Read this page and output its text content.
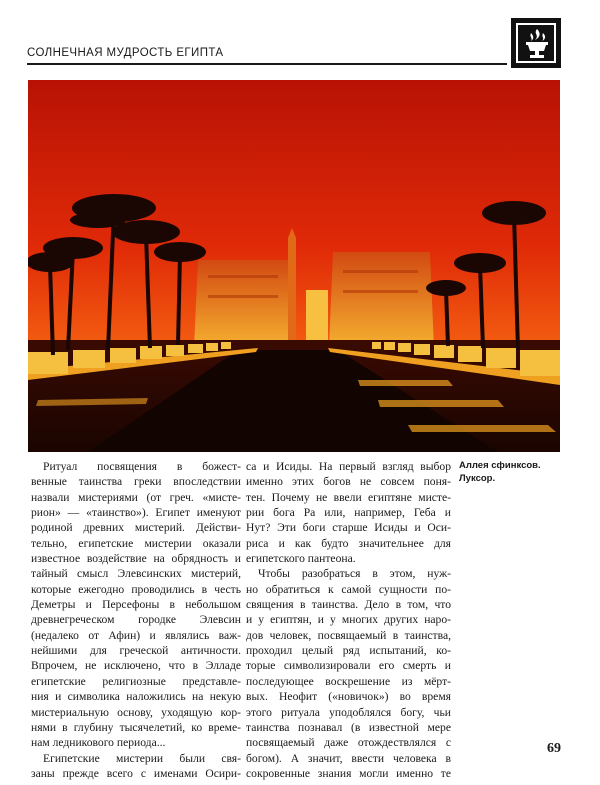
СОЛНЕЧНАЯ МУДРОСТЬ ЕГИПТА
Аллея сфинксов.
Луксор.
Ритуал посвящения в божест-
венные таинства греки впоследствии
назвали мистериями (от греч. «мисте-
рион» — «таинство»). Египет именуют
родиной древних мистерий. Действи-
тельно, египетские мистерии оказали
известное воздействие на обрядность и
тайный смысл Элевсинских мистерий,
которые ежегодно проводились в честь
Деметры и Персефоны в небольшом
древнегреческом городке Элевсин
(недалеко от Афин) и являлись важ-
нейшими для греческой античности.
Впрочем, не исключено, что в Элладе
египетские религиозные представле-
ния и символика наложились на некую
мистериальную основу, уходящую кор-
нями в глубину тысячелетий, ко време-
нам ледникового периода...
Египетские мистерии были свя-
заны прежде всего с именами Осири-
са и Исиды. На первый взгляд выбор
именно этих богов не совсем поня-
тен. Почему не ввели египтяне мисте-
рии бога Ра или, например, Геба и
Нут? Эти боги старше Исиды и Оси-
риса и как будто значительнее для
египетского пантеона.
Чтобы разобраться в этом, нуж-
но обратиться к самой сущности по-
священия в таинства. Дело в том, что
и у египтян, и у многих других наро-
дов человек, посвящаемый в таинства,
проходил целый ряд испытаний, ко-
торые символизировали его смерть и
последующее воскрешение из мёрт-
вых. Неофит («новичок») во время
этого ритуала уподоблялся богу, чьи
таинства познавал (в известной мере
посвящаемый даже отождествлялся с
богом). А значит, ввести человека в
сокровенные знания могли именно те
69
